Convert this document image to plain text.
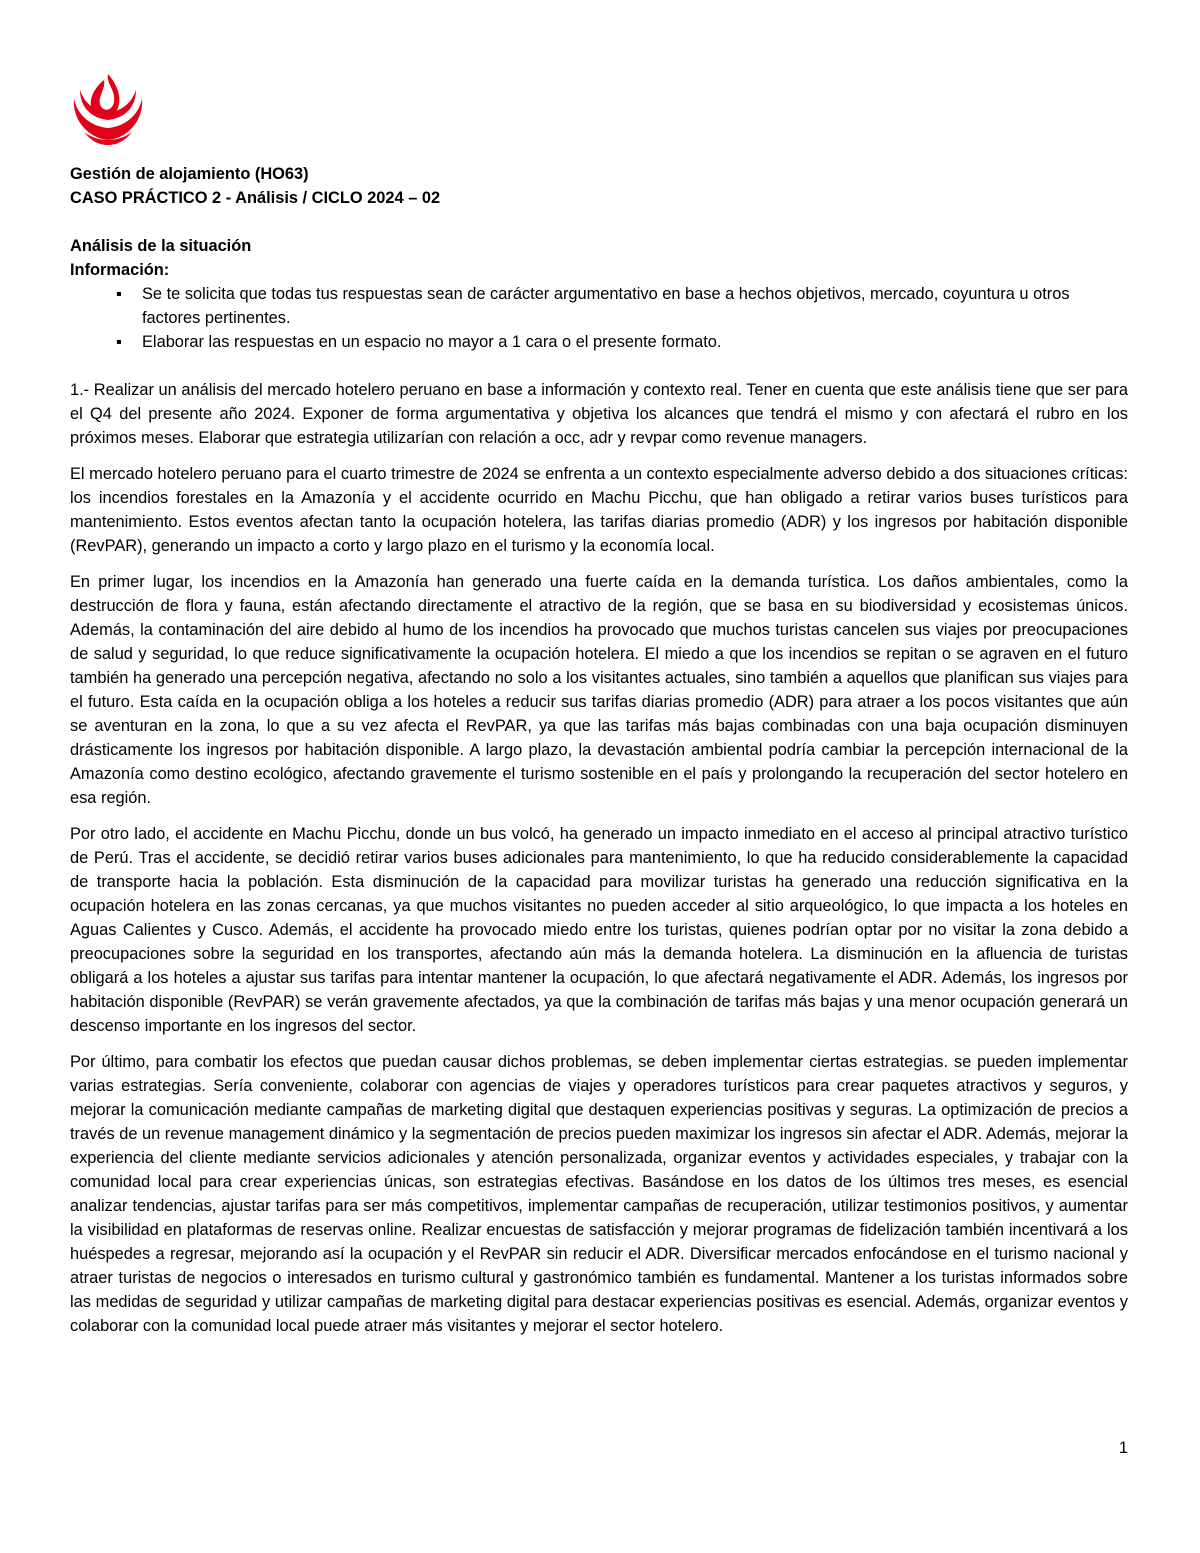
Gestión de alojamiento (HO63)

CASO PRÁCTICO 2 - Análisis / CICLO 2024 – 02

Análisis de la situación

Información:

▪ Se te solicita que todas tus respuestas sean de carácter argumentativo en base a hechos objetivos, mercado, coyuntura u otros factores pertinentes.
▪ Elaborar las respuestas en un espacio no mayor a 1 cara o el presente formato.

1.- Realizar un análisis del mercado hotelero peruano en base a información y contexto real. Tener en cuenta que este análisis tiene que ser para el Q4 del presente año 2024. Exponer de forma argumentativa y objetiva los alcances que tendrá el mismo y con afectará el rubro en los próximos meses. Elaborar que estrategia utilizarían con relación a occ, adr y revpar como revenue managers.

El mercado hotelero peruano para el cuarto trimestre de 2024 se enfrenta a un contexto especialmente adverso debido a dos situaciones críticas: los incendios forestales en la Amazonía y el accidente ocurrido en Machu Picchu, que han obligado a retirar varios buses turísticos para mantenimiento. Estos eventos afectan tanto la ocupación hotelera, las tarifas diarias promedio (ADR) y los ingresos por habitación disponible (RevPAR), generando un impacto a corto y largo plazo en el turismo y la economía local.

En primer lugar, los incendios en la Amazonía han generado una fuerte caída en la demanda turística. Los daños ambientales, como la destrucción de flora y fauna, están afectando directamente el atractivo de la región, que se basa en su biodiversidad y ecosistemas únicos. Además, la contaminación del aire debido al humo de los incendios ha provocado que muchos turistas cancelen sus viajes por preocupaciones de salud y seguridad, lo que reduce significativamente la ocupación hotelera. El miedo a que los incendios se repitan o se agraven en el futuro también ha generado una percepción negativa, afectando no solo a los visitantes actuales, sino también a aquellos que planifican sus viajes para el futuro. Esta caída en la ocupación obliga a los hoteles a reducir sus tarifas diarias promedio (ADR) para atraer a los pocos visitantes que aún se aventuran en la zona, lo que a su vez afecta el RevPAR, ya que las tarifas más bajas combinadas con una baja ocupación disminuyen drásticamente los ingresos por habitación disponible. A largo plazo, la devastación ambiental podría cambiar la percepción internacional de la Amazonía como destino ecológico, afectando gravemente el turismo sostenible en el país y prolongando la recuperación del sector hotelero en esa región.

Por otro lado, el accidente en Machu Picchu, donde un bus volcó, ha generado un impacto inmediato en el acceso al principal atractivo turístico de Perú. Tras el accidente, se decidió retirar varios buses adicionales para mantenimiento, lo que ha reducido considerablemente la capacidad de transporte hacia la población. Esta disminución de la capacidad para movilizar turistas ha generado una reducción significativa en la ocupación hotelera en las zonas cercanas, ya que muchos visitantes no pueden acceder al sitio arqueológico, lo que impacta a los hoteles en Aguas Calientes y Cusco. Además, el accidente ha provocado miedo entre los turistas, quienes podrían optar por no visitar la zona debido a preocupaciones sobre la seguridad en los transportes, afectando aún más la demanda hotelera. La disminución en la afluencia de turistas obligará a los hoteles a ajustar sus tarifas para intentar mantener la ocupación, lo que afectará negativamente el ADR. Además, los ingresos por habitación disponible (RevPAR) se verán gravemente afectados, ya que la combinación de tarifas más bajas y una menor ocupación generará un descenso importante en los ingresos del sector.

Por último, para combatir los efectos que puedan causar dichos problemas, se deben implementar ciertas estrategias. se pueden implementar varias estrategias. Sería conveniente, colaborar con agencias de viajes y operadores turísticos para crear paquetes atractivos y seguros, y mejorar la comunicación mediante campañas de marketing digital que destaquen experiencias positivas y seguras. La optimización de precios a través de un revenue management dinámico y la segmentación de precios pueden maximizar los ingresos sin afectar el ADR. Además, mejorar la experiencia del cliente mediante servicios adicionales y atención personalizada, organizar eventos y actividades especiales, y trabajar con la comunidad local para crear experiencias únicas, son estrategias efectivas. Basándose en los datos de los últimos tres meses, es esencial analizar tendencias, ajustar tarifas para ser más competitivos, implementar campañas de recuperación, utilizar testimonios positivos, y aumentar la visibilidad en plataformas de reservas online. Realizar encuestas de satisfacción y mejorar programas de fidelización también incentivará a los huéspedes a regresar, mejorando así la ocupación y el RevPAR sin reducir el ADR. Diversificar mercados enfocándose en el turismo nacional y atraer turistas de negocios o interesados en turismo cultural y gastronómico también es fundamental. Mantener a los turistas informados sobre las medidas de seguridad y utilizar campañas de marketing digital para destacar experiencias positivas es esencial. Además, organizar eventos y colaborar con la comunidad local puede atraer más visitantes y mejorar el sector hotelero.

1
